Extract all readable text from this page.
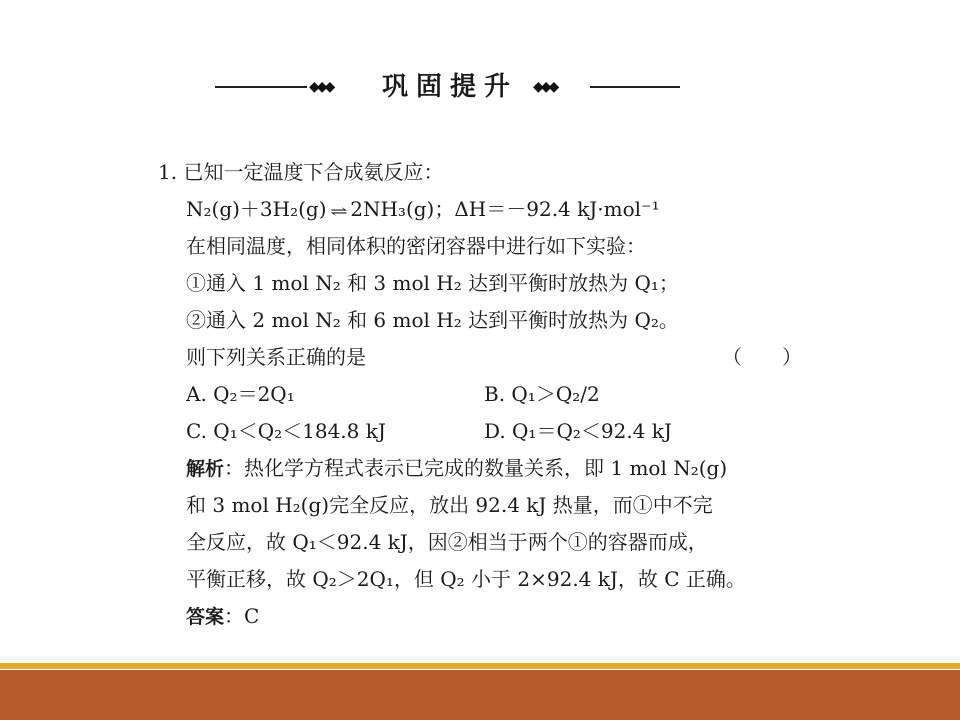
◆◆◆ 巩固提升	◆◆◆
1. 已知一定温度下合成氨反应：
N₂(g)＋3H₂(g) ⇌ 2NH₃(g)；ΔH＝－92.4 kJ·mol⁻¹
在相同温度，相同体积的密闭容器中进行如下实验：
①通入 1 mol N₂ 和 3 mol H₂ 达到平衡时放热为 Q₁；
②通入 2 mol N₂ 和 6 mol H₂ 达到平衡时放热为 Q₂。
则下列关系正确的是	（　　）
A. Q₂＝2Q₁	B. Q₁＞Q₂/2
C. Q₁＜Q₂＜184.8 kJ	D. Q₁＝Q₂＜92.4 kJ
解析：热化学方程式表示已完成的数量关系，即 1 mol N₂(g)
和 3 mol H₂(g)完全反应，放出 92.4 kJ 热量，而①中不完
全反应，故 Q₁＜92.4 kJ，因②相当于两个①的容器而成，
平衡正移，故 Q₂＞2Q₁，但 Q₂ 小于 2×92.4 kJ，故 C 正确。
答案：C
